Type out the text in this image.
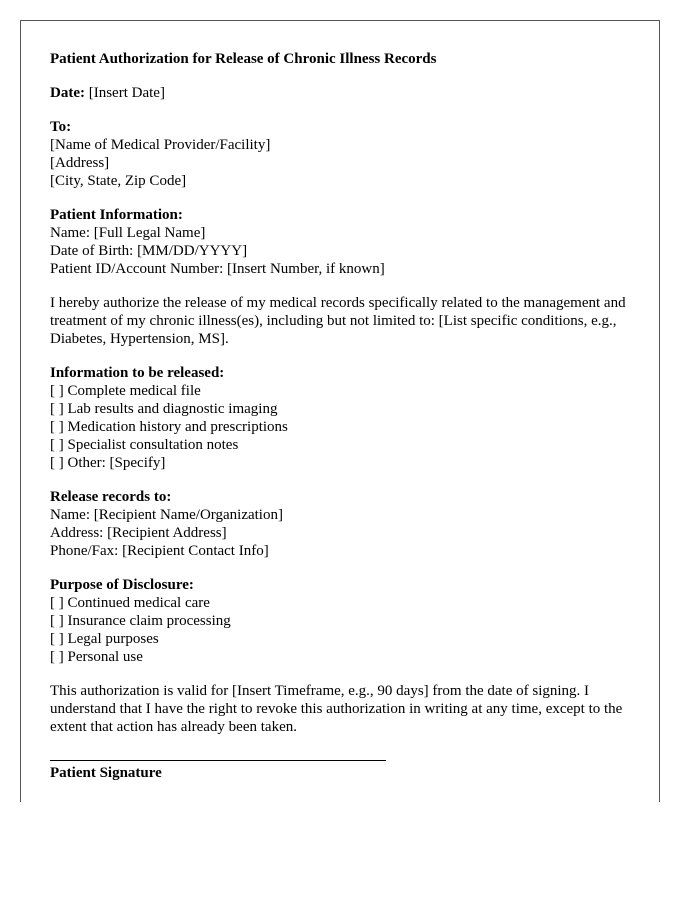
Patient Authorization for Release of Chronic Illness Records
Date: [Insert Date]
To:
[Name of Medical Provider/Facility]
[Address]
[City, State, Zip Code]
Patient Information:
Name: [Full Legal Name]
Date of Birth: [MM/DD/YYYY]
Patient ID/Account Number: [Insert Number, if known]
I hereby authorize the release of my medical records specifically related to the management and treatment of my chronic illness(es), including but not limited to: [List specific conditions, e.g., Diabetes, Hypertension, MS].
Information to be released:
[ ] Complete medical file
[ ] Lab results and diagnostic imaging
[ ] Medication history and prescriptions
[ ] Specialist consultation notes
[ ] Other: [Specify]
Release records to:
Name: [Recipient Name/Organization]
Address: [Recipient Address]
Phone/Fax: [Recipient Contact Info]
Purpose of Disclosure:
[ ] Continued medical care
[ ] Insurance claim processing
[ ] Legal purposes
[ ] Personal use
This authorization is valid for [Insert Timeframe, e.g., 90 days] from the date of signing. I understand that I have the right to revoke this authorization in writing at any time, except to the extent that action has already been taken.
Patient Signature
